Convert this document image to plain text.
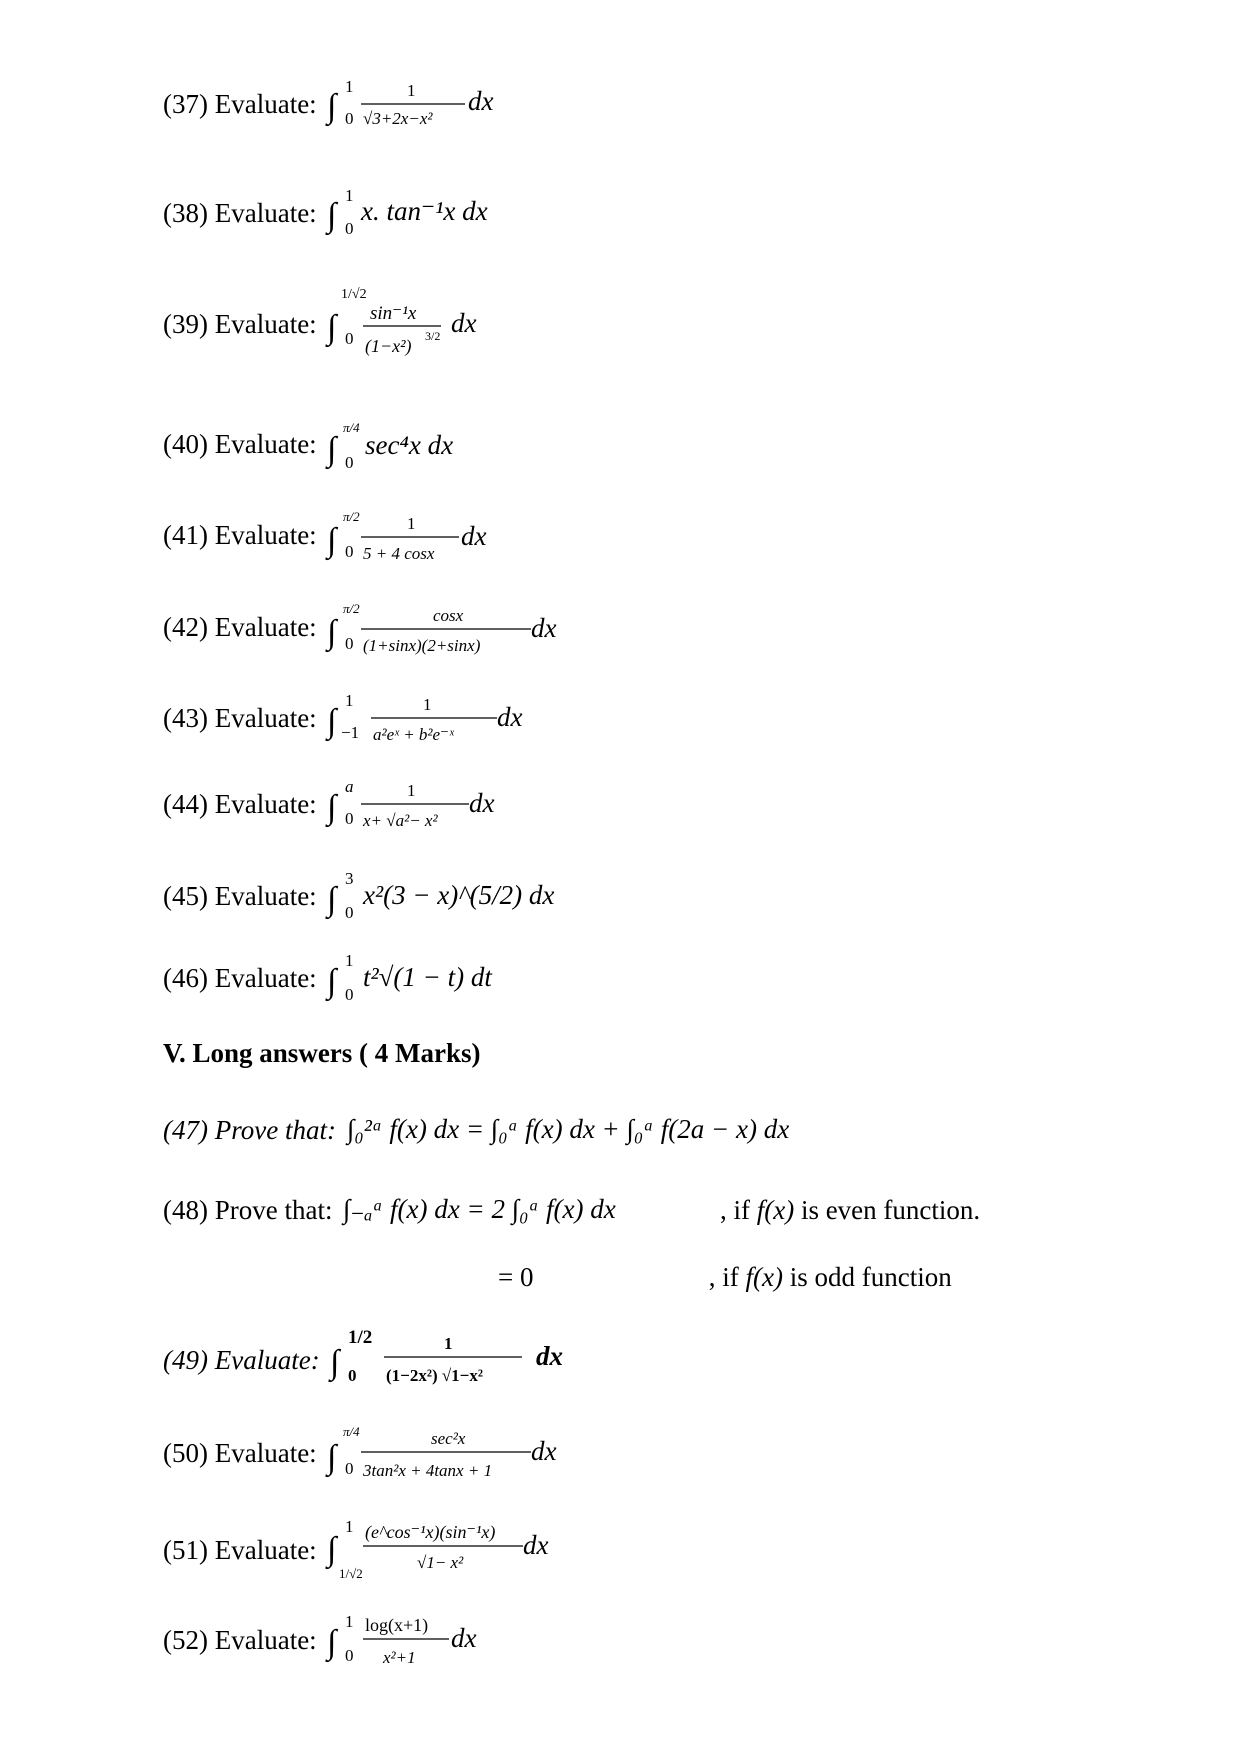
(37) Evaluate: ∫
1
0
1
√3+2x−x²
dx
(38) Evaluate: ∫
1
0
x. tan⁻¹x dx
(39) Evaluate: ∫
1/√2
0
sin⁻¹x
(1−x²) 3/2 dx
(40) Evaluate: ∫
π/4
0
sec⁴x dx
(41) Evaluate: ∫
π/2
0
1
5 + 4 cosx
dx
(42) Evaluate: ∫
π/2
0
cosx
(1+sinx)(2+sinx)
dx
(43) Evaluate: ∫
1
−1
1
a²eˣ + b²e⁻ˣ
dx
(44) Evaluate: ∫
a
0
1
x+ √a²− x²
dx
(45) Evaluate: ∫
3
0
x²(3 − x)^(5/2) dx
(46) Evaluate: ∫
1
0
t²√(1 − t) dt
V. Long answers ( 4 Marks)
(47) Prove that: ∫₀²ᵃ f(x) dx = ∫₀ᵃ f(x) dx + ∫₀ᵃ f(2a − x) dx
(48) Prove that: ∫₋ₐᵃ f(x) dx = 2 ∫₀ᵃ f(x) dx	, if f(x) is even function.
= 0	, if f(x) is odd function
(49) Evaluate: ∫
1/2
0
1
(1−2x²) √1−x²
dx
(50) Evaluate: ∫
π/4
0
sec²x
3tan²x + 4tanx + 1
dx
(51) Evaluate: ∫
1
1/√2
(e^cos⁻¹x)(sin⁻¹x)
√1− x²
dx
(52) Evaluate: ∫
1
0
log(x+1)
x²+1
dx
